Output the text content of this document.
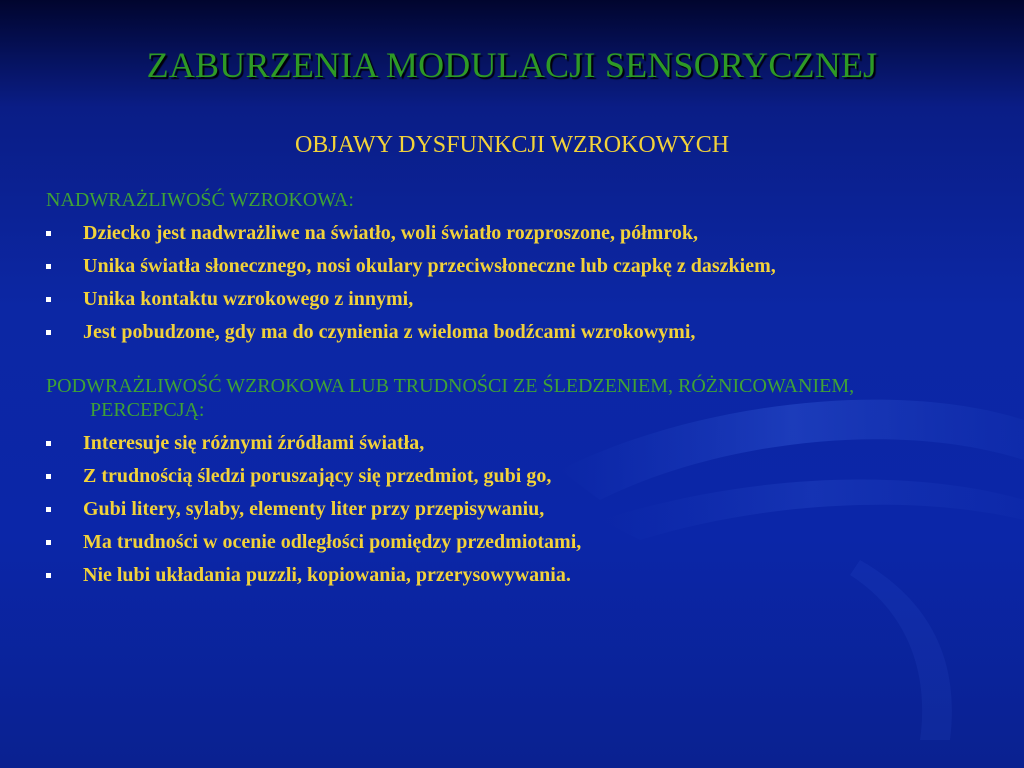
ZABURZENIA MODULACJI SENSORYCZNEJ
OBJAWY DYSFUNKCJI WZROKOWYCH

NADWRAŻLIWOŚĆ WZROKOWA:

Dziecko jest nadwrażliwe na światło, woli światło rozproszone, półmrok,
Unika światła słonecznego, nosi okulary przeciwsłoneczne lub czapkę z daszkiem,
Unika kontaktu wzrokowego z innymi,
Jest pobudzone, gdy ma do czynienia z wieloma bodźcami wzrokowymi,

PODWRAŻLIWOŚĆ WZROKOWA LUB TRUDNOŚCI ZE ŚLEDZENIEM, RÓŻNICOWANIEM, PERCEPCJĄ:

Interesuje się różnymi źródłami światła,
Z trudnością śledzi poruszający się przedmiot, gubi go,
Gubi litery, sylaby, elementy liter przy przepisywaniu,
Ma trudności w ocenie odległości pomiędzy przedmiotami,
Nie lubi układania puzzli, kopiowania, przerysowywania.
